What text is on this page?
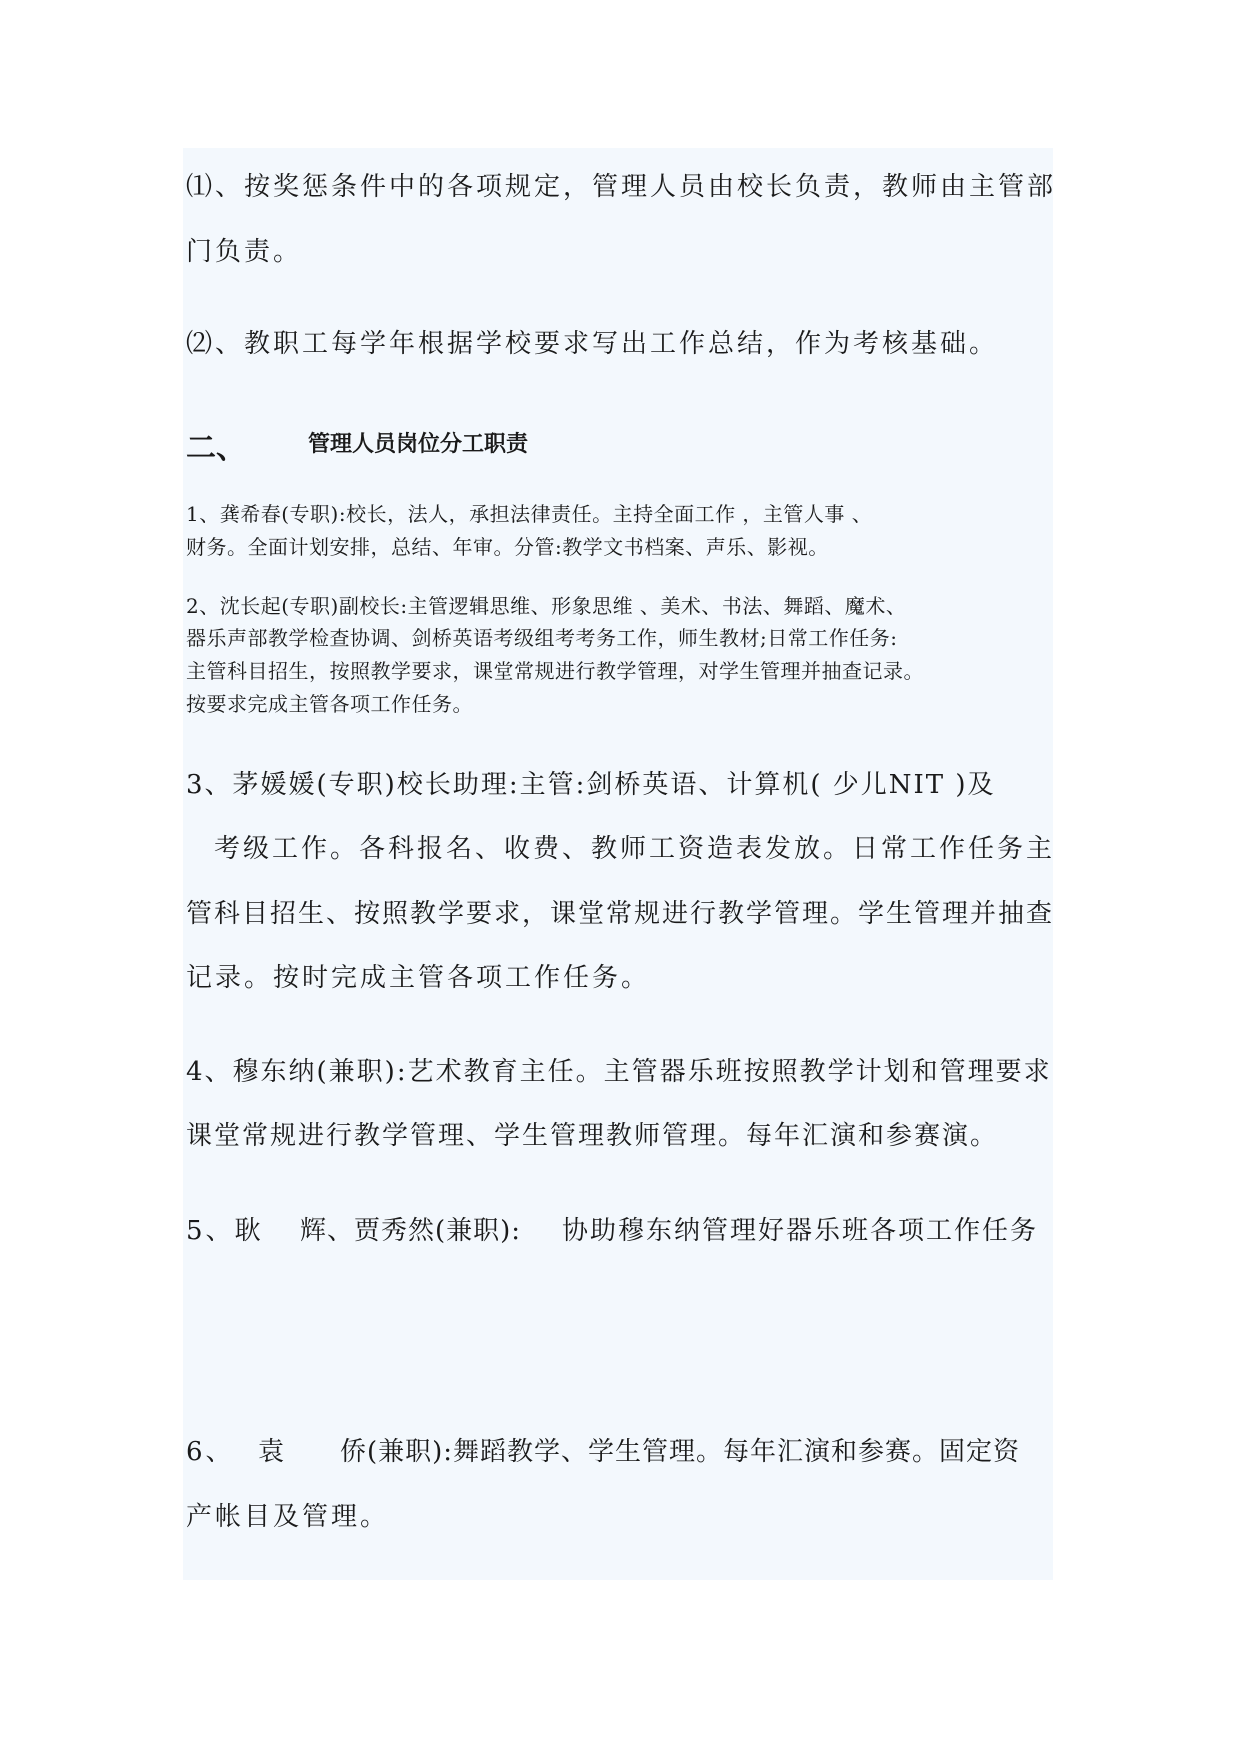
⑴、按奖惩条件中的各项规定，管理人员由校长负责，教师由主管部
门负责。
⑵、教职工每学年根据学校要求写出工作总结，作为考核基础。
二、	管理人员岗位分工职责
1、龚希春(专职):校长，法人，承担法律责任。主持全面工作 ，主管人事 、
财务。全面计划安排，总结、年审。分管:教学文书档案、声乐、影视。
2、沈长起(专职)副校长:主管逻辑思维、形象思维 、美术、书法、舞蹈、魔术、
器乐声部教学检查协调、剑桥英语考级组考考务工作，师生教材;日常工作任务:
主管科目招生，按照教学要求，课堂常规进行教学管理，对学生管理并抽查记录。
按要求完成主管各项工作任务。
3、茅媛媛(专职)校长助理:主管:剑桥英语、计算机( 少儿NIT )及
考级工作。各科报名、收费、教师工资造表发放。日常工作任务主
管科目招生、按照教学要求，课堂常规进行教学管理。学生管理并抽查
记录。按时完成主管各项工作任务。
4、穆东纳(兼职):艺术教育主任。主管器乐班按照教学计划和管理要求
课堂常规进行教学管理、学生管理教师管理。每年汇演和参赛演。
5、耿 辉、贾秀然(兼职): 协助穆东纳管理好器乐班各项工作任务
6、 袁 侨(兼职):舞蹈教学、学生管理。每年汇演和参赛。固定资
产帐目及管理。
